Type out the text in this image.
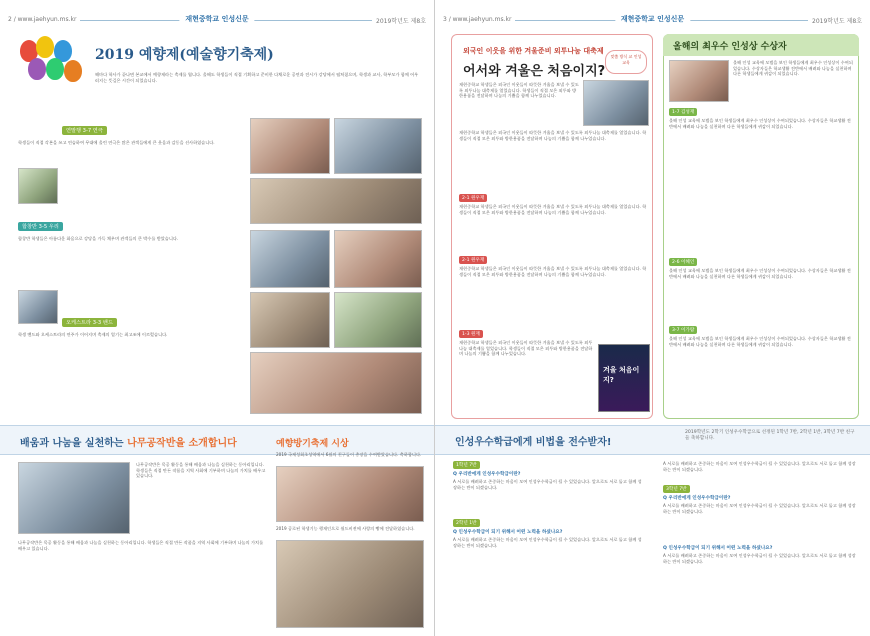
2 / www.jaehyun.ms.kr	재현중학교 인성신문	2019학년도 제8호
2019 예향제(예술향기축제)
해마다 학사가 끝나면 본교에서 예향제라는 축제를 엽니다. 올해도 학생들이 직접 기획하고 준비한 다채로운 공연과 전시가 강당에서 펼쳐졌으며, 학생과 교사, 학부모가 함께 어우러지는 뜻깊은 시간이 되었습니다.
연말행 3-7 연극
학생들이 직접 각본을 쓰고 연습하여 무대에 올린 연극은 많은 관객들에게 큰 웃음과 감동을 선사하였습니다.
합창반 3-5 우리
합창반 학생들은 아름다운 화음으로 강당을 가득 채우며 관객들의 큰 박수를 받았습니다.
오케스트라 3-3 밴드
학생 밴드와 오케스트라의 연주가 이어지며 축제의 열기는 최고조에 이르렀습니다.
배움과 나눔을 실천하는 나무공작반을 소개합니다	예향방기축제 시상
나무공작반은 목공 활동을 통해 배움과 나눔을 실천하는 동아리입니다. 학생들은 직접 만든 작품을 지역 사회에 기부하며 나눔의 가치를 배우고 있습니다.
나무공작반은 목공 활동을 통해 배움과 나눔을 실천하는 동아리입니다. 학생들은 직접 만든 작품을 지역 사회에 기부하며 나눔의 가치를 배우고 있습니다.
2019 국제성회초성역에서 6월의 친구들이 총장을 수여받았습니다. 축하합니다.
2019 공로된 학생기능 행재인으로 월드비젼에 사랑의 빵에 전달하였습니다.
3 / www.jaehyun.ms.kr	재현중학교 인성신문	2019학년도 제8호
외국인 이웃을 위한 겨울준비 외투나눔 대축제
어서와 겨울은 처음이지?
맞춤 방식 교 인성 교육
재현중학교 학생들은 외국인 이웃들이 따뜻한 겨울을 보낼 수 있도록 외투나눔 대축제를 열었습니다. 학생들이 직접 모은 외투와 방한용품을 전달하며 나눔의 기쁨을 함께 나누었습니다.
재현중학교 학생들은 외국인 이웃들이 따뜻한 겨울을 보낼 수 있도록 외투나눔 대축제를 열었습니다. 학생들이 직접 모은 외투와 방한용품을 전달하며 나눔의 기쁨을 함께 나누었습니다.
2-1 원우재
재현중학교 학생들은 외국인 이웃들이 따뜻한 겨울을 보낼 수 있도록 외투나눔 대축제를 열었습니다. 학생들이 직접 모은 외투와 방한용품을 전달하며 나눔의 기쁨을 함께 나누었습니다.
2-1 원우재
재현중학교 학생들은 외국인 이웃들이 따뜻한 겨울을 보낼 수 있도록 외투나눔 대축제를 열었습니다. 학생들이 직접 모은 외투와 방한용품을 전달하며 나눔의 기쁨을 함께 나누었습니다.
1-3 원재
재현중학교 학생들은 외국인 이웃들이 따뜻한 겨울을 보낼 수 있도록 외투나눔 대축제를 열었습니다. 학생들이 직접 모은 외투와 방한용품을 전달하며 나눔의 기쁨을 함께 나누었습니다.
겨울 처음이지?
올해의 최우수 인성상 수상자
올해 인성 교육에 모범을 보인 학생들에게 최우수 인성상이 수여되었습니다. 수상자들은 학교생활 전반에서 배려와 나눔을 실천하며 다른 학생들에게 귀감이 되었습니다.
1-7 김성재
올해 인성 교육에 모범을 보인 학생들에게 최우수 인성상이 수여되었습니다. 수상자들은 학교생활 전반에서 배려와 나눔을 실천하며 다른 학생들에게 귀감이 되었습니다.
2-6 이혜인
올해 인성 교육에 모범을 보인 학생들에게 최우수 인성상이 수여되었습니다. 수상자들은 학교생활 전반에서 배려와 나눔을 실천하며 다른 학생들에게 귀감이 되었습니다.
3-7 이가람
올해 인성 교육에 모범을 보인 학생들에게 최우수 인성상이 수여되었습니다. 수상자들은 학교생활 전반에서 배려와 나눔을 실천하며 다른 학생들에게 귀감이 되었습니다.
인성우수학급에게 비법을 전수받자!
2019학년도 2학기 인성우수학급으로 선정된 1학년 7반, 2학년 1반, 3학년 7반 친구들 축하합니다.
1학년 7반
Q 우리반에게 인성우수학급이란?
A 서로를 배려하고 존중하는 마음이 모여 인성우수학급이 될 수 있었습니다. 앞으로도 서로 돕고 함께 성장하는 반이 되겠습니다.
2학년 1반
Q 인성우수학급이 되기 위해서 어떤 노력을 하셨나요?
A 서로를 배려하고 존중하는 마음이 모여 인성우수학급이 될 수 있었습니다. 앞으로도 서로 돕고 함께 성장하는 반이 되겠습니다.
A 서로를 배려하고 존중하는 마음이 모여 인성우수학급이 될 수 있었습니다. 앞으로도 서로 돕고 함께 성장하는 반이 되겠습니다.
3학년 7반
Q 우리반에게 인성우수학급이란?
A 서로를 배려하고 존중하는 마음이 모여 인성우수학급이 될 수 있었습니다. 앞으로도 서로 돕고 함께 성장하는 반이 되겠습니다.
Q 인성우수학급이 되기 위해서 어떤 노력을 하셨나요?
A 서로를 배려하고 존중하는 마음이 모여 인성우수학급이 될 수 있었습니다. 앞으로도 서로 돕고 함께 성장하는 반이 되겠습니다.
